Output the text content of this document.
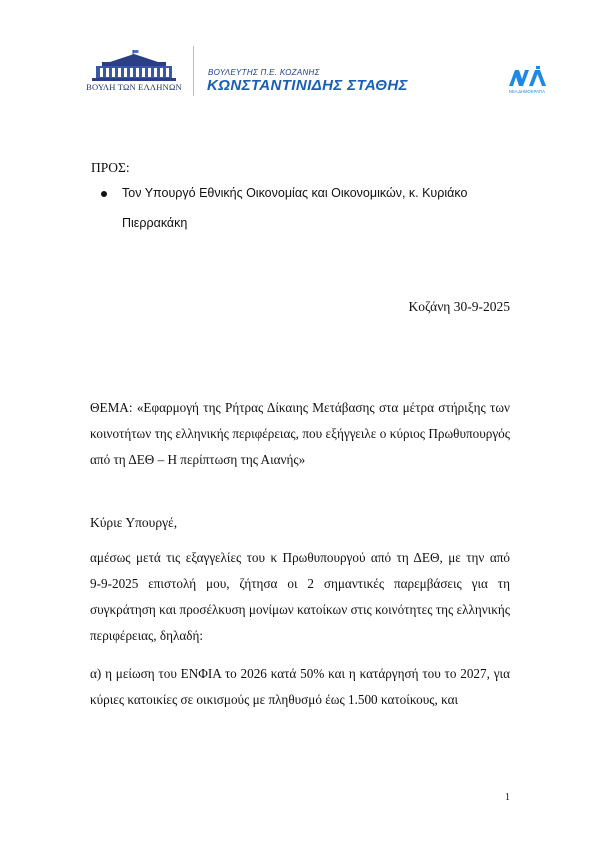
ΒΟΥΛΗ ΤΩΝ ΕΛΛΗΝΩΝ
ΒΟΥΛΕΥΤΗΣ Π.Ε. ΚΟΖΑΝΗΣ
ΚΩΝΣΤΑΝΤΙΝΙΔΗΣ ΣΤΑΘΗΣ	ΝΕΑ ΔΗΜΟΚΡΑΤΙΑ
ΠΡΟΣ:
Τον Υπουργό Εθνικής Οικονομίας και Οικονομικών, κ. Κυριάκο
Πιερρακάκη
Κοζάνη 30-9-2025
ΘΕΜΑ: «Εφαρμογή της Ρήτρας Δίκαιης Μετάβασης στα μέτρα στήριξης των
κοινοτήτων της ελληνικής περιφέρειας, που εξήγγειλε ο κύριος Πρωθυπουργός
από τη ΔΕΘ – Η περίπτωση της Αιανής»
Κύριε Υπουργέ,
αμέσως μετά τις εξαγγελίες του κ Πρωθυπουργού από τη ΔΕΘ, με την από
9-9-2025 επιστολή μου, ζήτησα οι 2 σημαντικές παρεμβάσεις για τη
συγκράτηση και προσέλκυση μονίμων κατοίκων στις κοινότητες της ελληνικής
περιφέρειας, δηλαδή:
α) η μείωση του ΕΝΦΙΑ το 2026 κατά 50% και η κατάργησή του το 2027, για
κύριες κατοικίες σε οικισμούς με πληθυσμό έως 1.500 κατοίκους, και
1
